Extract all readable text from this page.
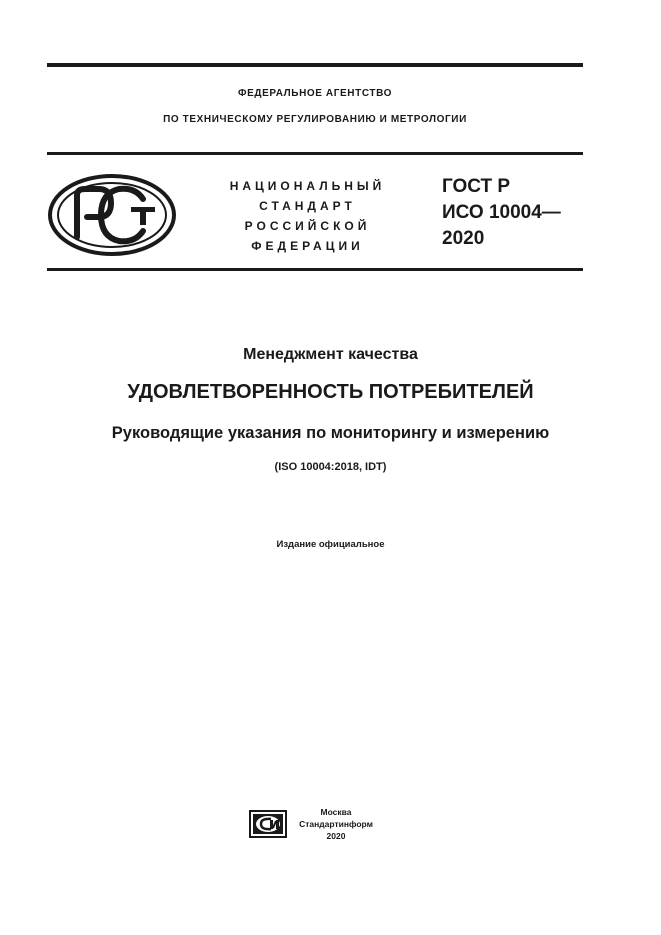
ФЕДЕРАЛЬНОЕ АГЕНТСТВО
ПО ТЕХНИЧЕСКОМУ РЕГУЛИРОВАНИЮ И МЕТРОЛОГИИ
НАЦИОНАЛЬНЫЙ
СТАНДАРТ
РОССИЙСКОЙ
ФЕДЕРАЦИИ
ГОСТ Р
ИСО 10004—
2020
Менеджмент качества
УДОВЛЕТВОРЕННОСТЬ ПОТРЕБИТЕЛЕЙ
Руководящие указания по мониторингу и измерению
(ISO 10004:2018, IDT)
Издание официальное
Москва
Стандартинформ
2020
